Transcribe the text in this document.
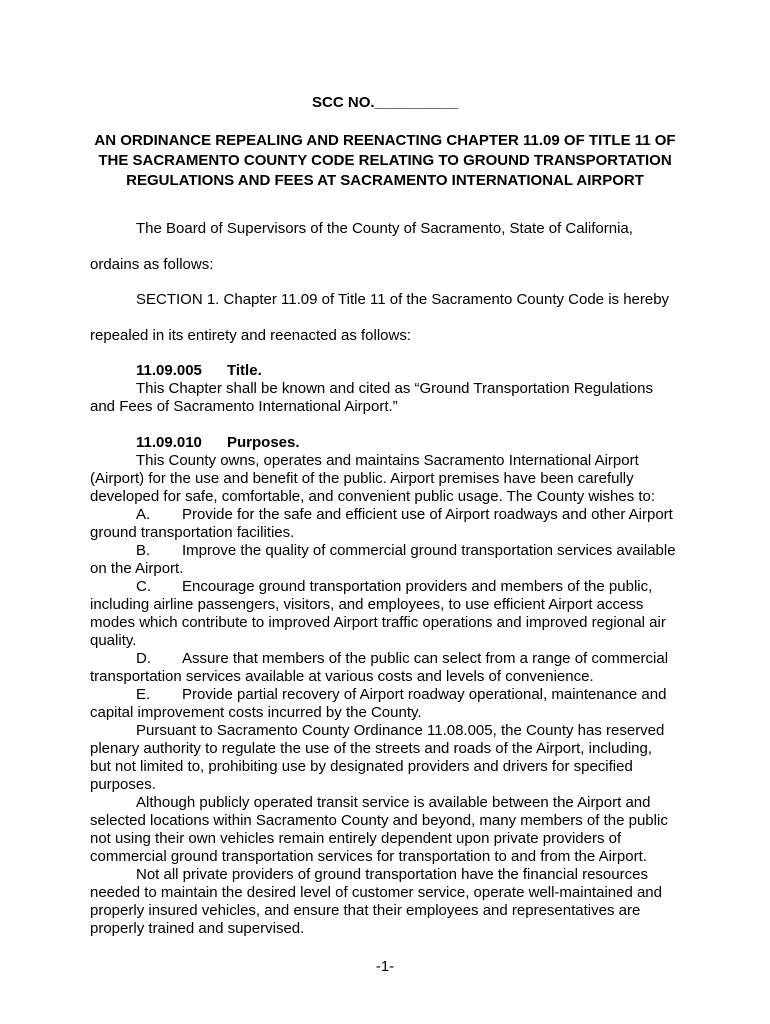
SCC NO.__________
AN ORDINANCE REPEALING AND REENACTING CHAPTER 11.09 OF TITLE 11 OF
THE SACRAMENTO COUNTY CODE RELATING TO GROUND TRANSPORTATION
REGULATIONS AND FEES AT SACRAMENTO INTERNATIONAL AIRPORT
The Board of Supervisors of the County of Sacramento, State of California,
ordains as follows:
SECTION 1. Chapter 11.09 of Title 11 of the Sacramento County Code is hereby
repealed in its entirety and reenacted as follows:
11.09.005 Title.
This Chapter shall be known and cited as “Ground Transportation Regulations
and Fees of Sacramento International Airport.”
11.09.010 Purposes.
This County owns, operates and maintains Sacramento International Airport
(Airport) for the use and benefit of the public. Airport premises have been carefully
developed for safe, comfortable, and convenient public usage. The County wishes to:
A. Provide for the safe and efficient use of Airport roadways and other Airport
ground transportation facilities.
B. Improve the quality of commercial ground transportation services available
on the Airport.
C. Encourage ground transportation providers and members of the public,
including airline passengers, visitors, and employees, to use efficient Airport access
modes which contribute to improved Airport traffic operations and improved regional air
quality.
D. Assure that members of the public can select from a range of commercial
transportation services available at various costs and levels of convenience.
E. Provide partial recovery of Airport roadway operational, maintenance and
capital improvement costs incurred by the County.
Pursuant to Sacramento County Ordinance 11.08.005, the County has reserved
plenary authority to regulate the use of the streets and roads of the Airport, including,
but not limited to, prohibiting use by designated providers and drivers for specified
purposes.
Although publicly operated transit service is available between the Airport and
selected locations within Sacramento County and beyond, many members of the public
not using their own vehicles remain entirely dependent upon private providers of
commercial ground transportation services for transportation to and from the Airport.
Not all private providers of ground transportation have the financial resources
needed to maintain the desired level of customer service, operate well-maintained and
properly insured vehicles, and ensure that their employees and representatives are
properly trained and supervised.
-1-
